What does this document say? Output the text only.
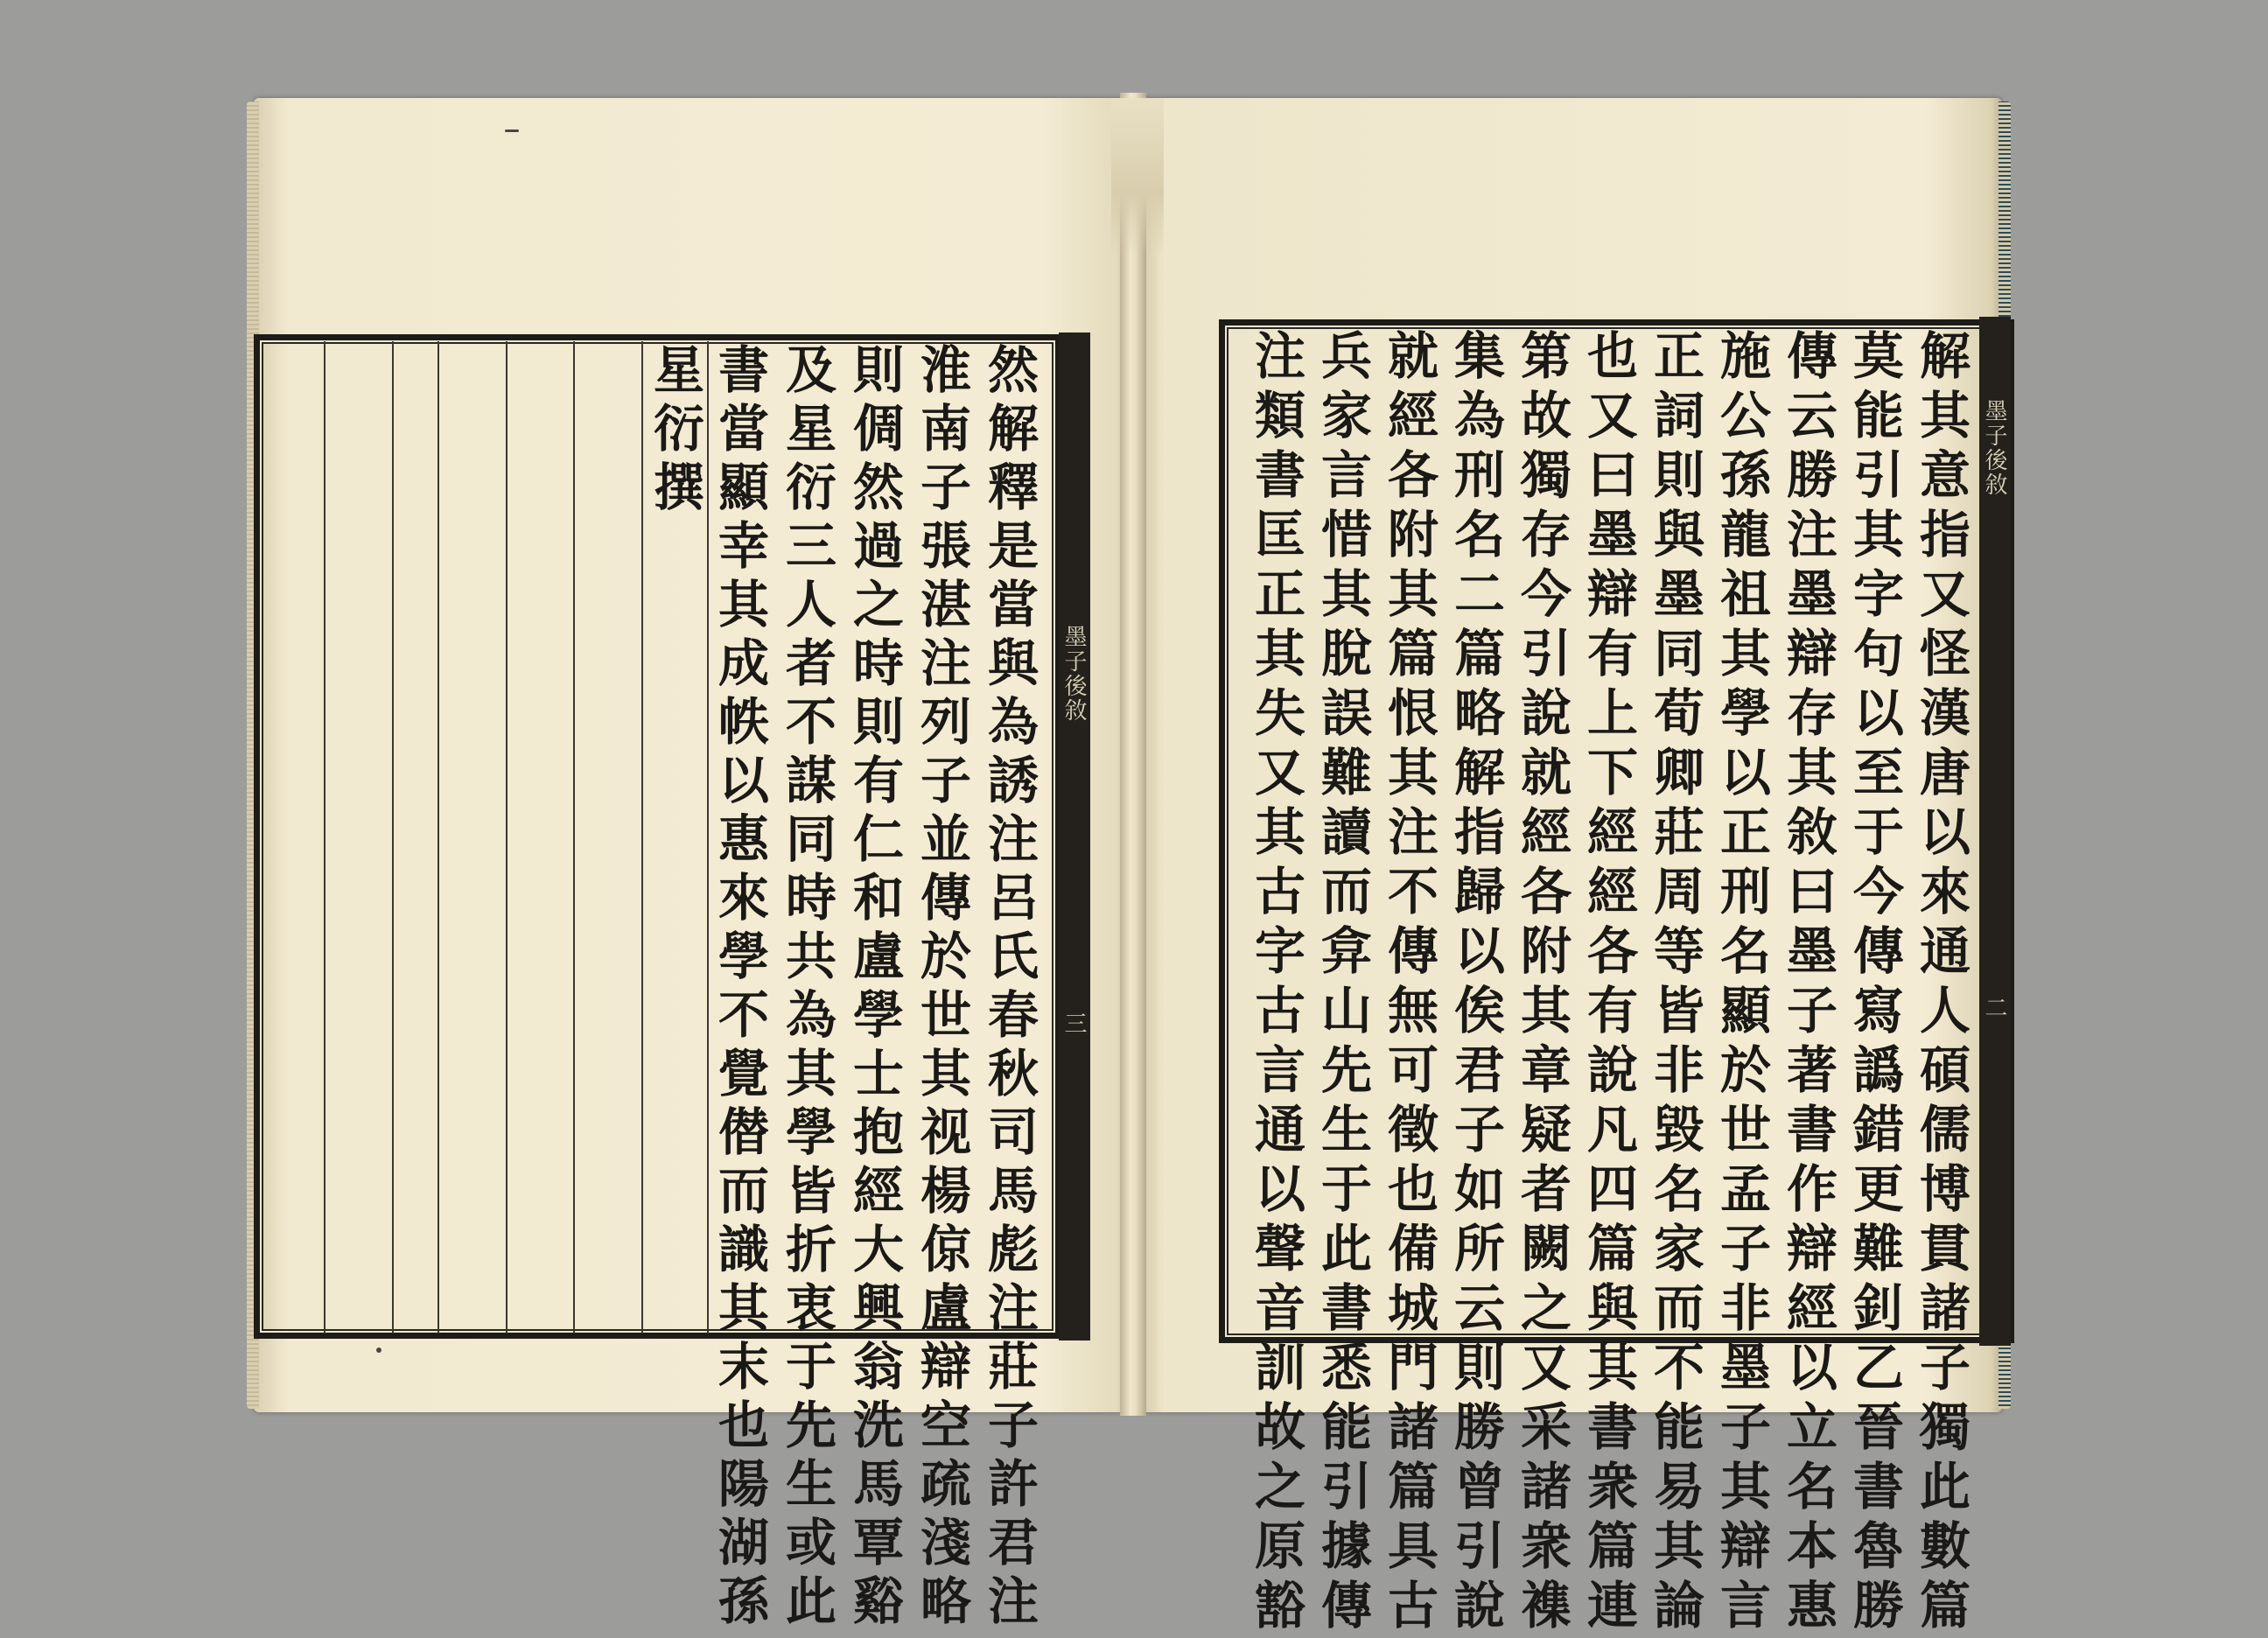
然解釋是當與為誘注呂氏春秋司馬彪注莊子許君注
淮南子張湛注列子並傳於世其视楊倞盧辯空疏淺略
則倜然過之時則有仁和盧學士抱經大興翁洗馬覃谿
及星衍三人者不謀同時共為其學皆折衷于先生或此
書當顯幸其成帙以惠來學不覺僣而識其末也陽湖孫
星衍撰
墨子後敘
三
墨子後敘
二
解其意指又怪漢唐以來通人碩儒博貫諸子獨此數篇
莫能引其字句以至于今傳寫譌錯更難釗乙晉書魯勝
傳云勝注墨辯存其敘曰墨子著書作辯經以立名本惠
施公孫龍祖其學以正刑名顯於世孟子非墨子其辯言
正詞則與墨同荀卿莊周等皆非毀名家而不能易其論
也又曰墨辯有上下經經各有說凡四篇與其書衆篇連
第故獨存今引說就經各附其章疑者闕之又采諸衆襍
集為刑名二篇略解指歸以俟君子如所云則勝曾引說
就經各附其篇恨其注不傳無可徵也備城門諸篇具古
兵家言惜其脫誤難讀而弇山先生于此書悉能引據傳
注類書匡正其失又其古字古言通以聲音訓故之原豁
